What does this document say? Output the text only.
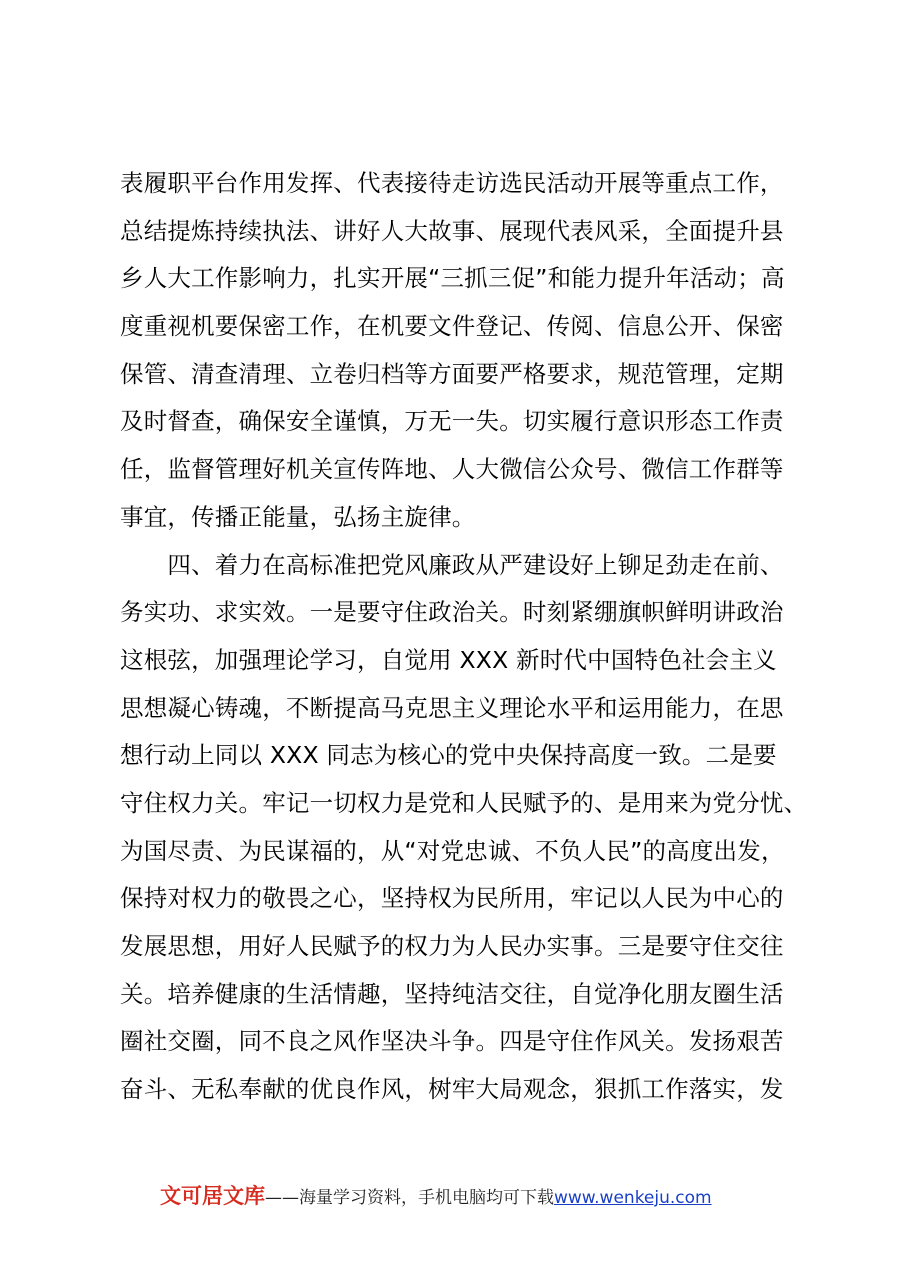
表履职平台作用发挥、代表接待走访选民活动开展等重点工作，
总结提炼持续执法、讲好人大故事、展现代表风采，全面提升县
乡人大工作影响力，扎实开展“三抓三促”和能力提升年活动；高
度重视机要保密工作，在机要文件登记、传阅、信息公开、保密
保管、清查清理、立卷归档等方面要严格要求，规范管理，定期
及时督查，确保安全谨慎，万无一失。切实履行意识形态工作责
任，监督管理好机关宣传阵地、人大微信公众号、微信工作群等
事宜，传播正能量，弘扬主旋律。
　　四、着力在高标准把党风廉政从严建设好上铆足劲走在前、
务实功、求实效。一是要守住政治关。时刻紧绷旗帜鲜明讲政治
这根弦，加强理论学习，自觉用 XXX 新时代中国特色社会主义
思想凝心铸魂，不断提高马克思主义理论水平和运用能力，在思
想行动上同以 XXX 同志为核心的党中央保持高度一致。二是要
守住权力关。牢记一切权力是党和人民赋予的、是用来为党分忧、
为国尽责、为民谋福的，从“对党忠诚、不负人民”的高度出发，
保持对权力的敬畏之心，坚持权为民所用，牢记以人民为中心的
发展思想，用好人民赋予的权力为人民办实事。三是要守住交往
关。培养健康的生活情趣，坚持纯洁交往，自觉净化朋友圈生活
圈社交圈，同不良之风作坚决斗争。四是守住作风关。发扬艰苦
奋斗、无私奉献的优良作风，树牢大局观念，狠抓工作落实，发
文可居文库——海量学习资料，手机电脑均可下载www.wenkeju.com
